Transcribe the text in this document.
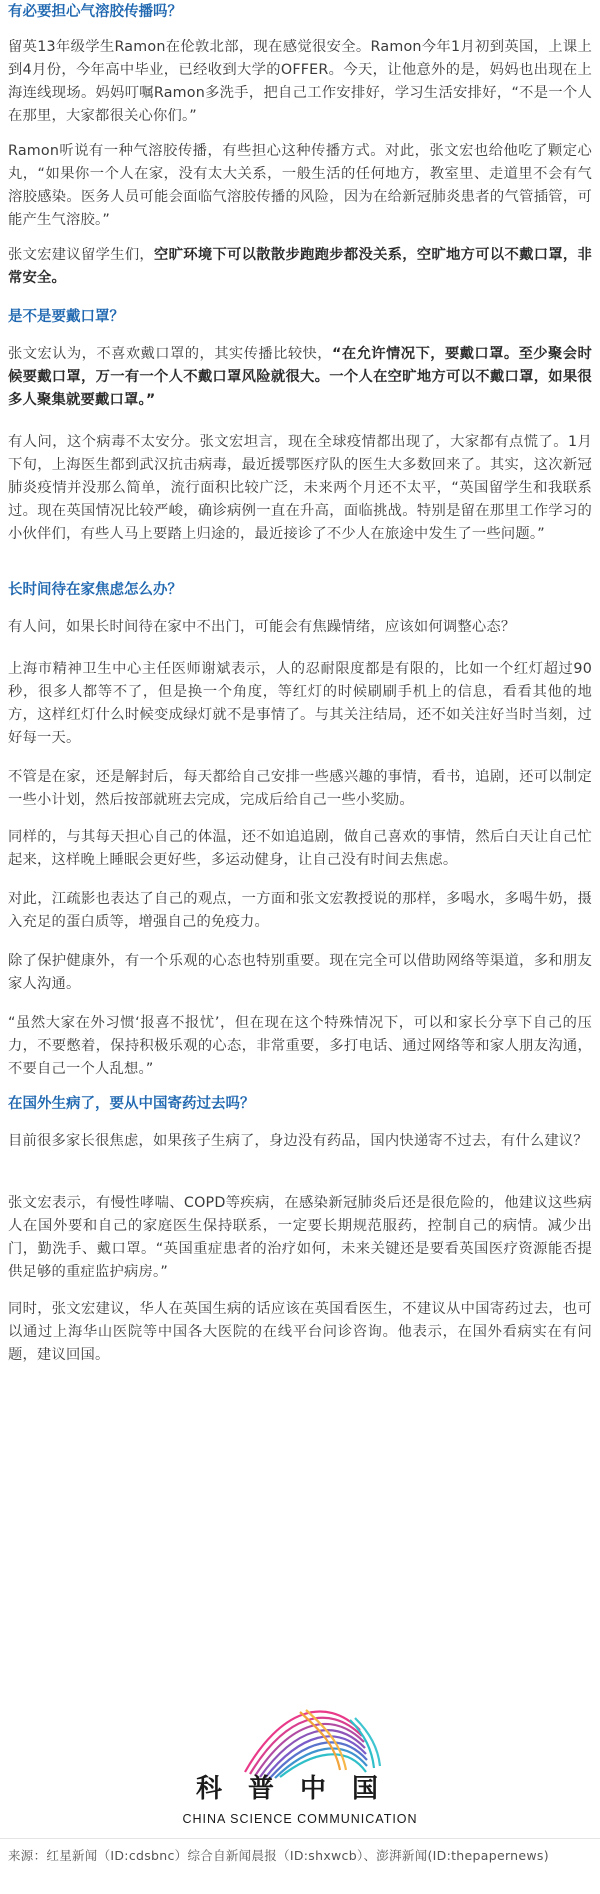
有必要担心气溶胶传播吗？

留英13年级学生Ramon在伦敦北部，现在感觉很安全。Ramon今年1月初到英国，上课上到4月份，今年高中毕业，已经收到大学的OFFER。今天，让他意外的是，妈妈也出现在上海连线现场。妈妈叮嘱Ramon多洗手，把自己工作安排好，学习生活安排好，“不是一个人在那里，大家都很关心你们。”

Ramon听说有一种气溶胶传播，有些担心这种传播方式。对此，张文宏也给他吃了颗定心丸，“如果你一个人在家，没有太大关系，一般生活的任何地方，教室里、走道里不会有气溶胶感染。医务人员可能会面临气溶胶传播的风险，因为在给新冠肺炎患者的气管插管，可能产生气溶胶。”

张文宏建议留学生们，空旷环境下可以散散步跑跑步都没关系，空旷地方可以不戴口罩，非常安全。

是不是要戴口罩？

张文宏认为，不喜欢戴口罩的，其实传播比较快，“在允许情况下，要戴口罩。至少聚会时候要戴口罩，万一有一个人不戴口罩风险就很大。一个人在空旷地方可以不戴口罩，如果很多人聚集就要戴口罩。”

有人问，这个病毒不太安分。张文宏坦言，现在全球疫情都出现了，大家都有点慌了。1月下旬，上海医生都到武汉抗击病毒，最近援鄂医疗队的医生大多数回来了。其实，这次新冠肺炎疫情并没那么简单，流行面积比较广泛，未来两个月还不太平，“英国留学生和我联系过。现在英国情况比较严峻，确诊病例一直在升高，面临挑战。特别是留在那里工作学习的小伙伴们，有些人马上要踏上归途的，最近接诊了不少人在旅途中发生了一些问题。”

长时间待在家焦虑怎么办？

有人问，如果长时间待在家中不出门，可能会有焦躁情绪，应该如何调整心态？

上海市精神卫生中心主任医师谢斌表示，人的忍耐限度都是有限的，比如一个红灯超过90秒，很多人都等不了，但是换一个角度，等红灯的时候刷刷手机上的信息，看看其他的地方，这样红灯什么时候变成绿灯就不是事情了。与其关注结局，还不如关注好当时当刻，过好每一天。

不管是在家，还是解封后，每天都给自己安排一些感兴趣的事情，看书，追剧，还可以制定一些小计划，然后按部就班去完成，完成后给自己一些小奖励。

同样的，与其每天担心自己的体温，还不如追追剧，做自己喜欢的事情，然后白天让自己忙起来，这样晚上睡眠会更好些，多运动健身，让自己没有时间去焦虑。

对此，江疏影也表达了自己的观点，一方面和张文宏教授说的那样，多喝水，多喝牛奶，摄入充足的蛋白质等，增强自己的免疫力。

除了保护健康外，有一个乐观的心态也特别重要。现在完全可以借助网络等渠道，多和朋友家人沟通。

“虽然大家在外习惯‘报喜不报忧’，但在现在这个特殊情况下，可以和家长分享下自己的压力，不要憋着，保持积极乐观的心态，非常重要，多打电话、通过网络等和家人朋友沟通，不要自己一个人乱想。”

在国外生病了，要从中国寄药过去吗？

目前很多家长很焦虑，如果孩子生病了，身边没有药品，国内快递寄不过去，有什么建议？

张文宏表示，有慢性哮喘、COPD等疾病，在感染新冠肺炎后还是很危险的，他建议这些病人在国外要和自己的家庭医生保持联系，一定要长期规范服药，控制自己的病情。减少出门，勤洗手、戴口罩。“英国重症患者的治疗如何，未来关键还是要看英国医疗资源能否提供足够的重症监护病房。”

同时，张文宏建议，华人在英国生病的话应该在英国看医生，不建议从中国寄药过去，也可以通过上海华山医院等中国各大医院的在线平台问诊咨询。他表示，在国外看病实在有问题，建议回国。

科普中国
CHINA SCIENCE COMMUNICATION

来源：红星新闻（ID:cdsbnc）综合自新闻晨报（ID:shxwcb）、澎湃新闻(ID:thepapernews)
